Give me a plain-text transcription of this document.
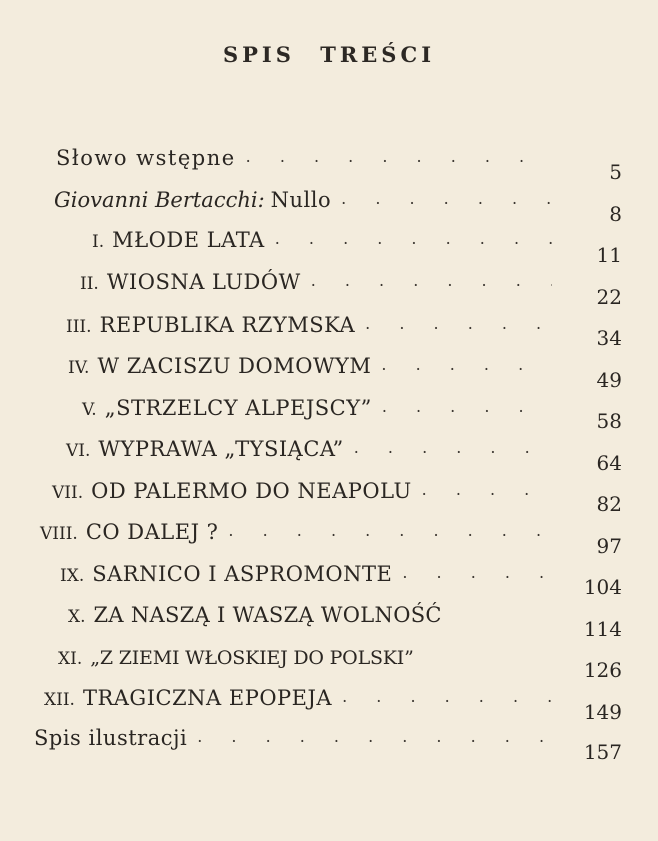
SPIS TREŚCI
Słowo wstępne
. . .
5
Giovanni Bertacchi: Nullo
. . .
8
I. MŁODE LATA
. . .
11
II. WIOSNA LUDÓW
. . .
22
III. REPUBLIKA RZYMSKA
. . .
34
IV. W ZACISZU DOMOWYM
. . .
49
V. „STRZELCY ALPEJSCY”
. . .
58
VI. WYPRAWA „TYSIĄCA”
. . .
64
VII. OD PALERMO DO NEAPOLU
. . .
82
VIII. CO DALEJ ?
. . .
97
IX. SARNICO I ASPROMONTE
. . .
104
X. ZA NASZĄ I WASZĄ WOLNOŚĆ
114
XI. „Z ZIEMI WŁOSKIEJ DO POLSKI”	126
XII. TRAGICZNA EPOPEJA
. . .
149
Spis ilustracji
. . .
157
